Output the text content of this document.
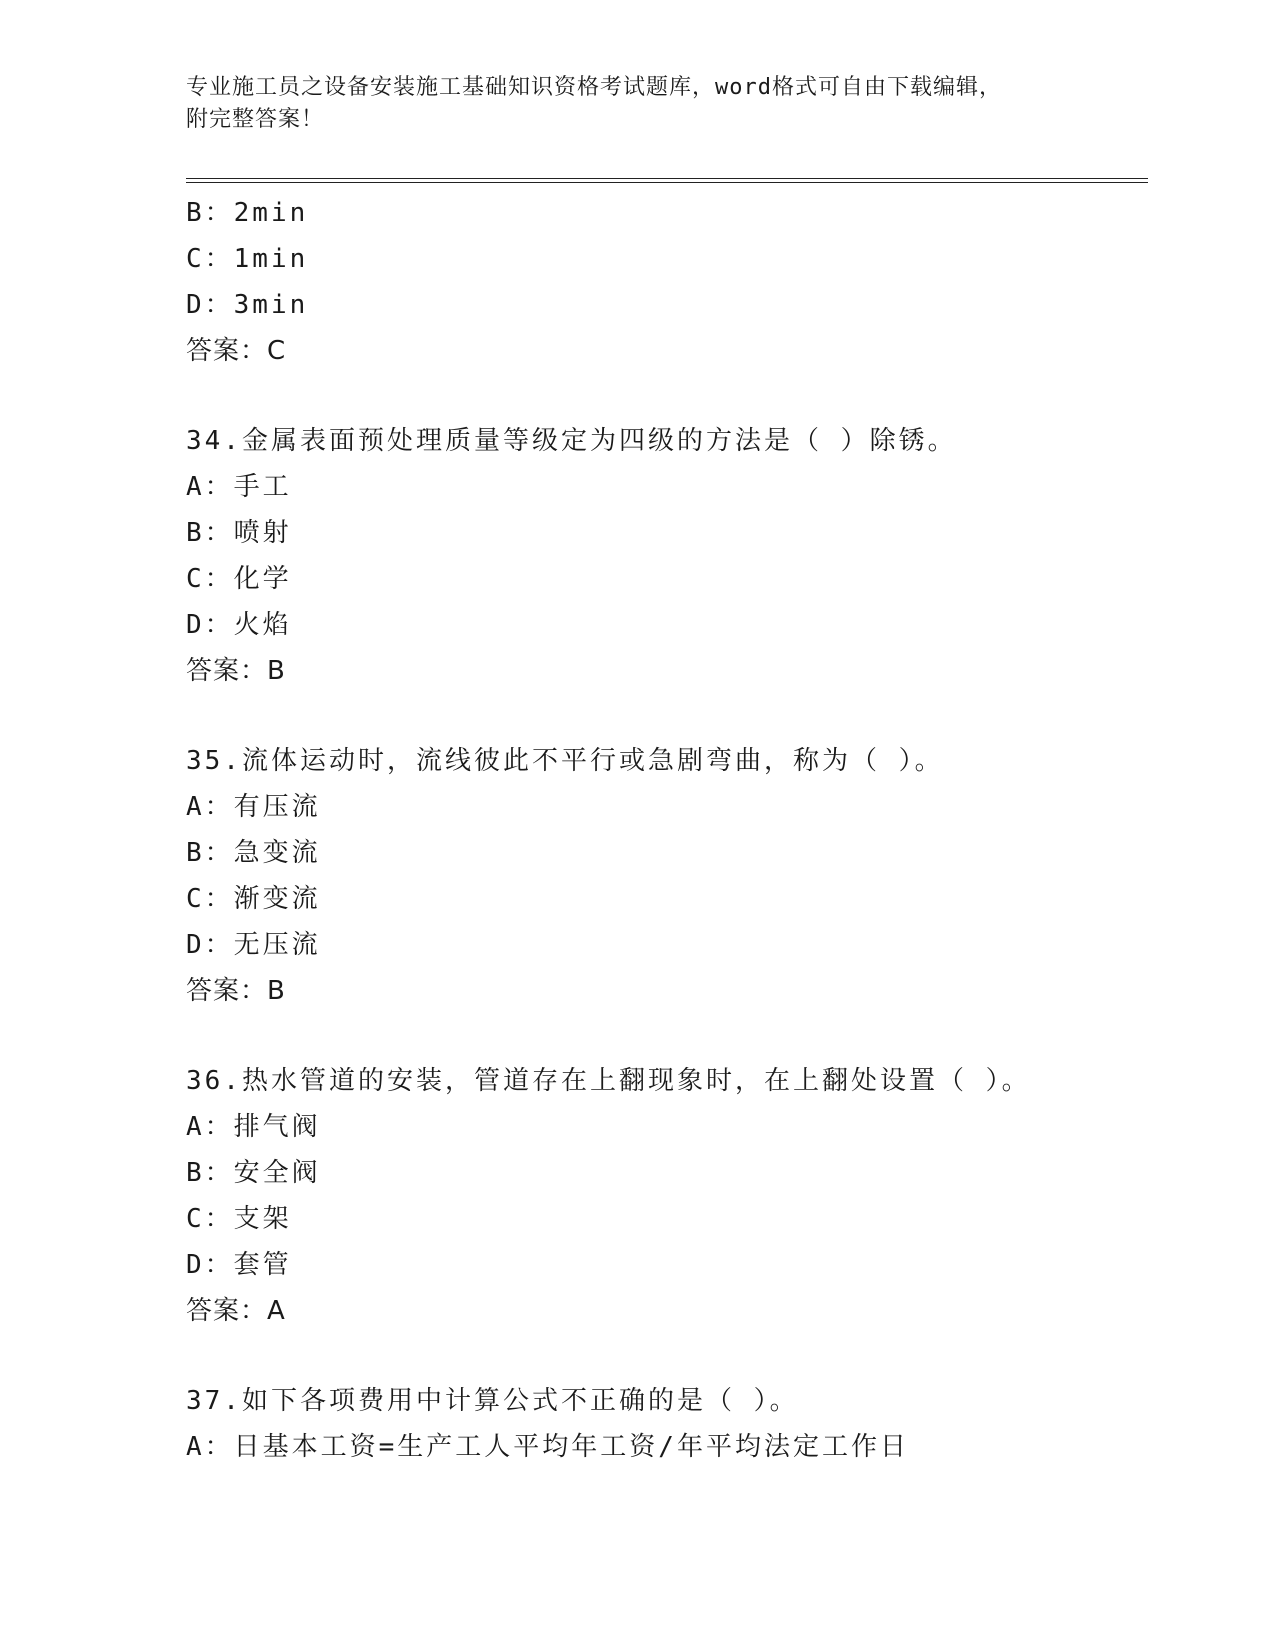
专业施工员之设备安装施工基础知识资格考试题库，word格式可自由下载编辑，
附完整答案！
B：2min
C：1min
D：3min
答案：C
34.金属表面预处理质量等级定为四级的方法是（ ）除锈。
A：手工
B：喷射
C：化学
D：火焰
答案：B
35.流体运动时，流线彼此不平行或急剧弯曲，称为（ ）。
A：有压流
B：急变流
C：渐变流
D：无压流
答案：B
36.热水管道的安装，管道存在上翻现象时，在上翻处设置（ ）。
A：排气阀
B：安全阀
C：支架
D：套管
答案：A
37.如下各项费用中计算公式不正确的是（ ）。
A：日基本工资=生产工人平均年工资/年平均法定工作日
